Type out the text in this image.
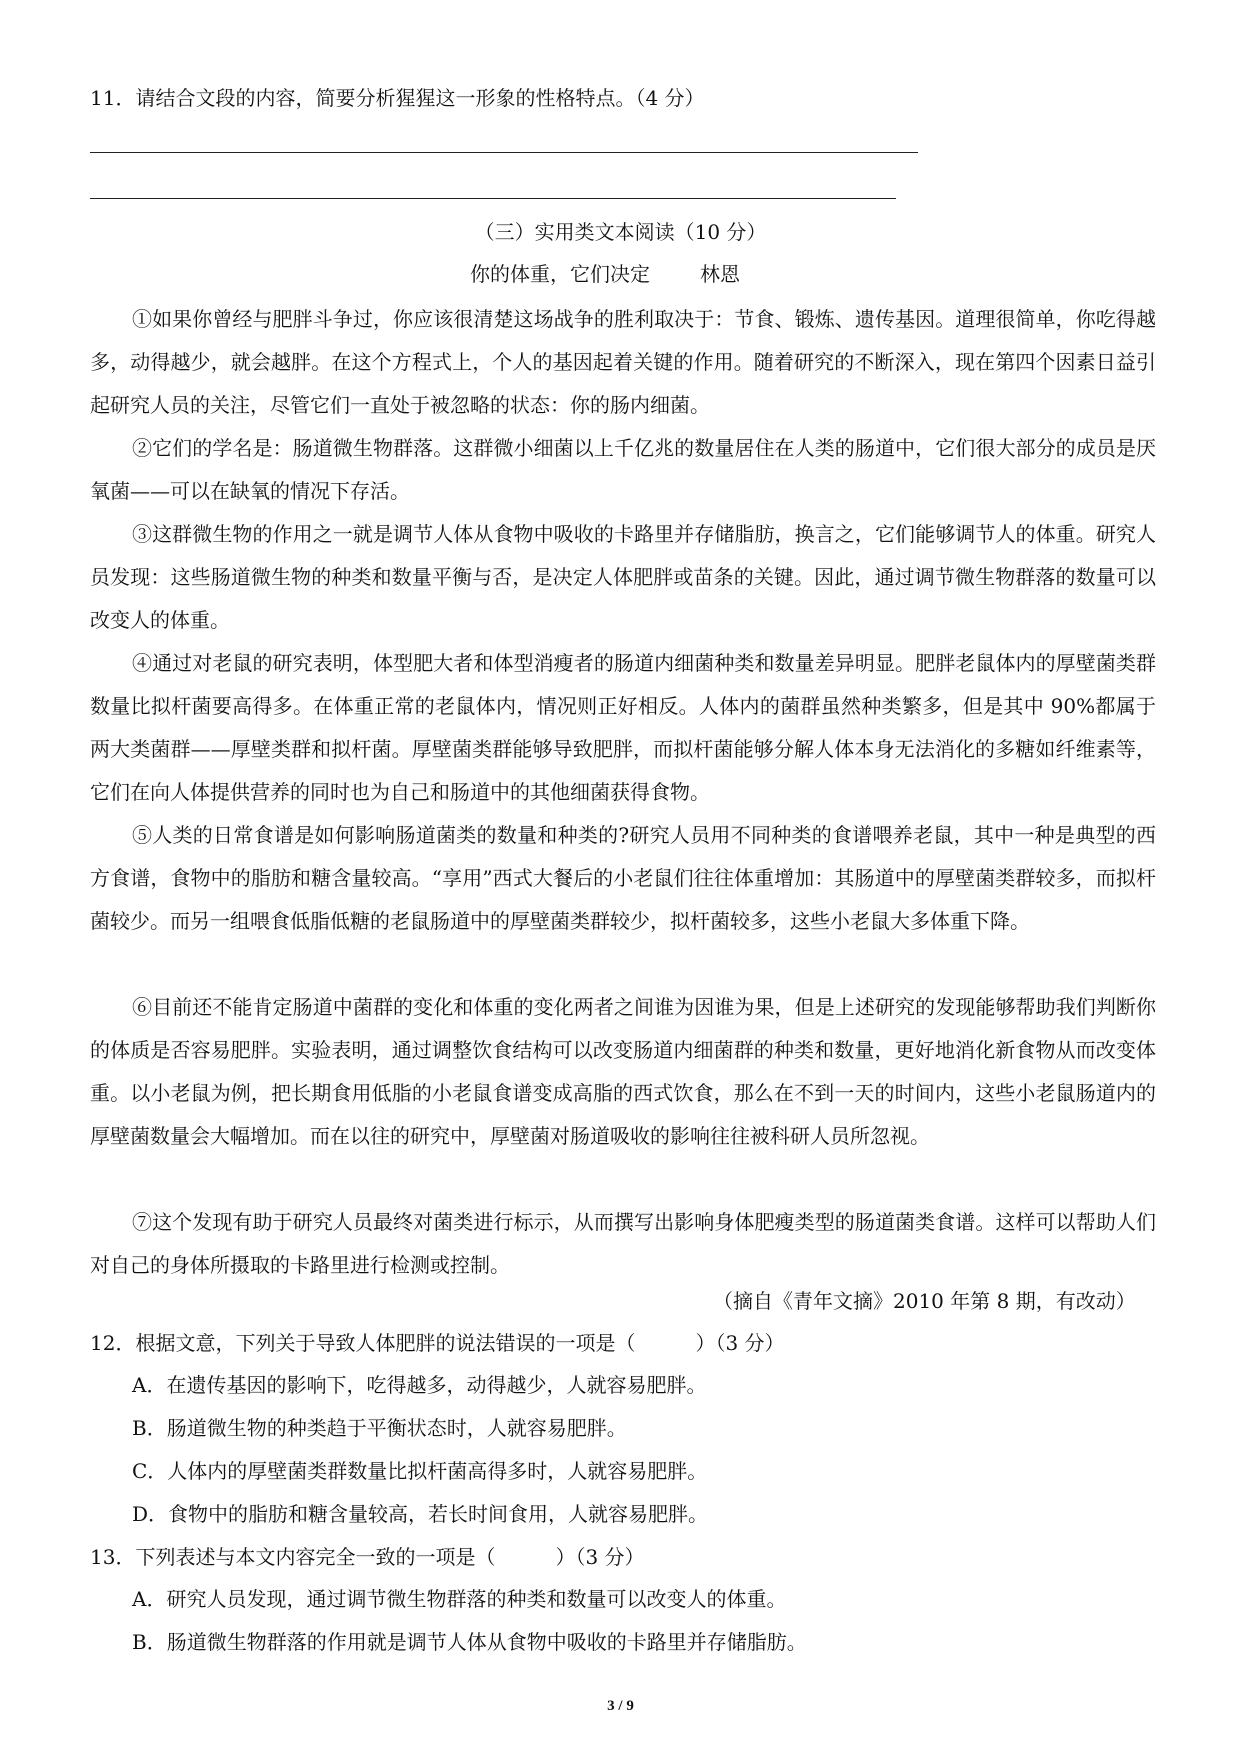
11．请结合文段的内容，简要分析猩猩这一形象的性格特点。（4 分）
（三）实用类文本阅读（10 分）
你的体重，它们决定	林恩
①如果你曾经与肥胖斗争过，你应该很清楚这场战争的胜利取决于：节食、锻炼、遗传基因。道理很简单，你吃得越多，动得越少，就会越胖。在这个方程式上，个人的基因起着关键的作用。随着研究的不断深入，现在第四个因素日益引起研究人员的关注，尽管它们一直处于被忽略的状态：你的肠内细菌。
②它们的学名是：肠道微生物群落。这群微小细菌以上千亿兆的数量居住在人类的肠道中，它们很大部分的成员是厌氧菌——可以在缺氧的情况下存活。
③这群微生物的作用之一就是调节人体从食物中吸收的卡路里并存储脂肪，换言之，它们能够调节人的体重。研究人员发现：这些肠道微生物的种类和数量平衡与否，是决定人体肥胖或苗条的关键。因此，通过调节微生物群落的数量可以改变人的体重。
④通过对老鼠的研究表明，体型肥大者和体型消瘦者的肠道内细菌种类和数量差异明显。肥胖老鼠体内的厚壁菌类群数量比拟杆菌要高得多。在体重正常的老鼠体内，情况则正好相反。人体内的菌群虽然种类繁多，但是其中 90%都属于两大类菌群——厚壁类群和拟杆菌。厚壁菌类群能够导致肥胖，而拟杆菌能够分解人体本身无法消化的多糖如纤维素等，它们在向人体提供营养的同时也为自己和肠道中的其他细菌获得食物。
⑤人类的日常食谱是如何影响肠道菌类的数量和种类的?研究人员用不同种类的食谱喂养老鼠，其中一种是典型的西方食谱，食物中的脂肪和糖含量较高。“享用”西式大餐后的小老鼠们往往体重增加：其肠道中的厚壁菌类群较多，而拟杆菌较少。而另一组喂食低脂低糖的老鼠肠道中的厚壁菌类群较少，拟杆菌较多，这些小老鼠大多体重下降。
⑥目前还不能肯定肠道中菌群的变化和体重的变化两者之间谁为因谁为果，但是上述研究的发现能够帮助我们判断你的体质是否容易肥胖。实验表明，通过调整饮食结构可以改变肠道内细菌群的种类和数量，更好地消化新食物从而改变体重。以小老鼠为例，把长期食用低脂的小老鼠食谱变成高脂的西式饮食，那么在不到一天的时间内，这些小老鼠肠道内的厚壁菌数量会大幅增加。而在以往的研究中，厚壁菌对肠道吸收的影响往往被科研人员所忽视。
⑦这个发现有助于研究人员最终对菌类进行标示，从而撰写出影响身体肥瘦类型的肠道菌类食谱。这样可以帮助人们对自己的身体所摄取的卡路里进行检测或控制。
（摘自《青年文摘》2010 年第 8 期，有改动）
12．根据文意，下列关于导致人体肥胖的说法错误的一项是（　　　）（3 分）
A．在遗传基因的影响下，吃得越多，动得越少，人就容易肥胖。
B．肠道微生物的种类趋于平衡状态时，人就容易肥胖。
C．人体内的厚壁菌类群数量比拟杆菌高得多时，人就容易肥胖。
D．食物中的脂肪和糖含量较高，若长时间食用，人就容易肥胖。
13．下列表述与本文内容完全一致的一项是（　　　）（3 分）
A．研究人员发现，通过调节微生物群落的种类和数量可以改变人的体重。
B．肠道微生物群落的作用就是调节人体从食物中吸收的卡路里并存储脂肪。
3 / 9
